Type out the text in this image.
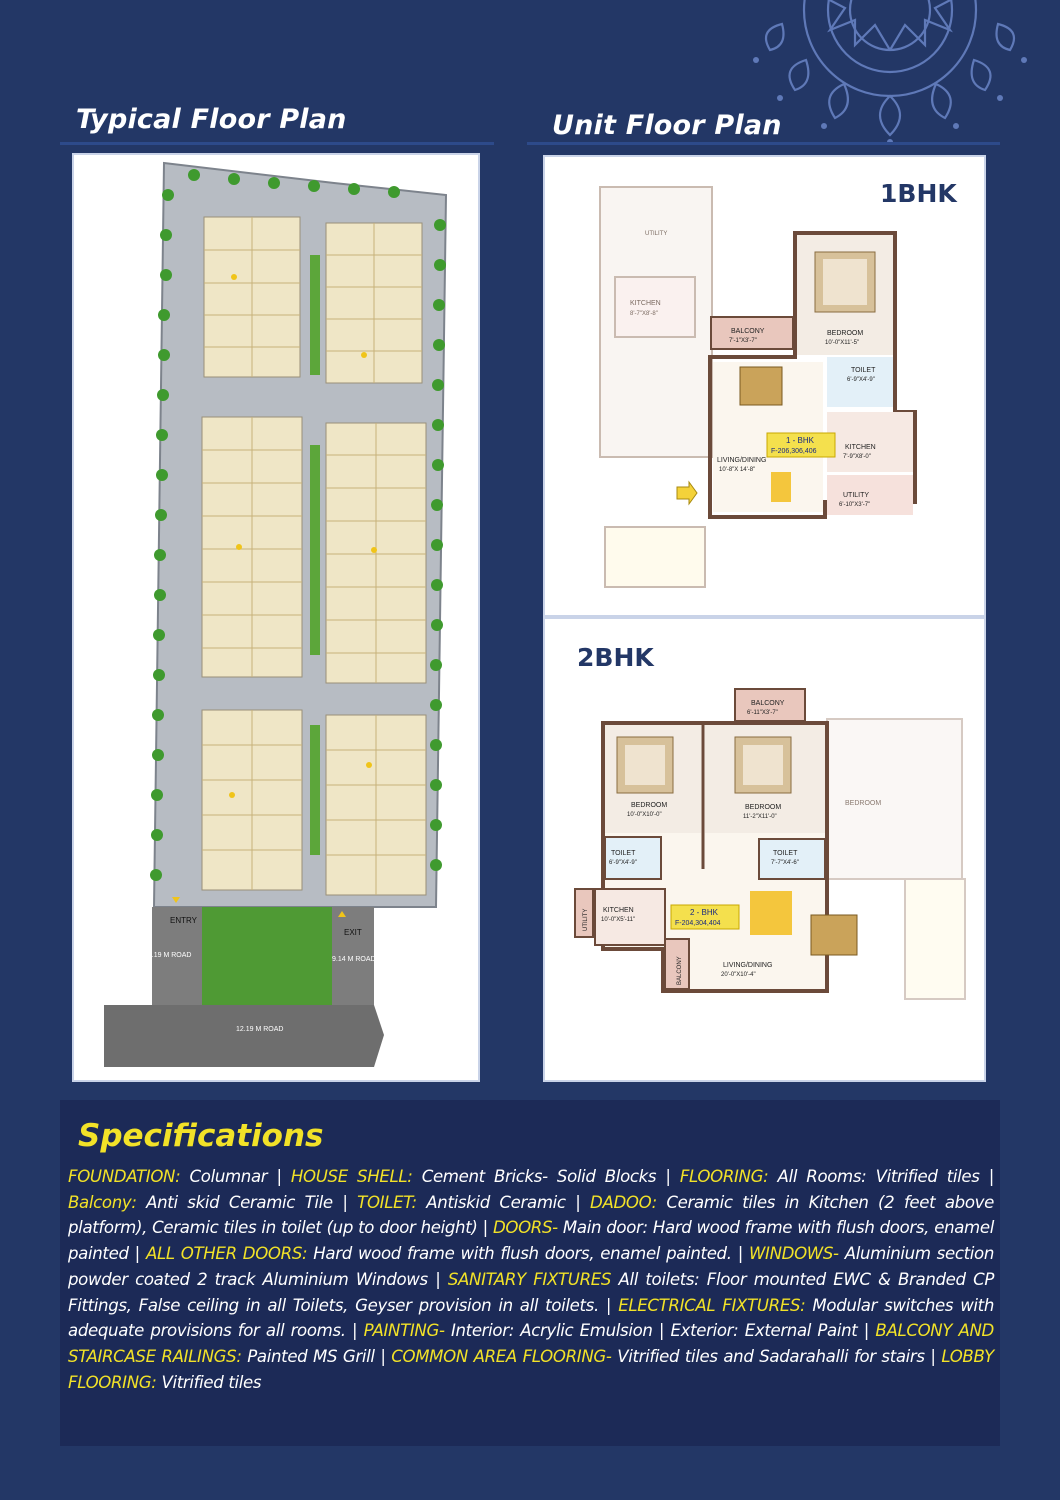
Typical Floor Plan	Unit Floor Plan
ENTRY
EXIT
12.19 M ROAD
9.14 M ROAD
12.19 M ROAD
1BHK
KITCHEN
8'-7"X8'-8"
UTILITY
1 - BHK
F-206,306,406
BALCONY
7'-1"X3'-7"
BEDROOM
10'-0"X11'-5"
TOILET
6'-9"X4'-9"
KITCHEN
7'-9"X8'-0"
LIVING/DINING
10'-8"X 14'-8"
UTILITY
6'-10"X3'-7"
2BHK
BEDROOM
BALCONY
6'-11"X3'-7"
2 - BHK
F-204,304,404
BEDROOM
10'-0"X10'-0"
BEDROOM
11'-2"X11'-0"
TOILET
6'-9"X4'-9"
TOILET
7'-7"X4'-6"
KITCHEN
10'-0"X5'-11"
UTILITY
BALCONY	LIVING/DINING
20'-0"X10'-4"
Specifications

FOUNDATION: Columnar | HOUSE SHELL: Cement Bricks- Solid Blocks | FLOORING: All Rooms: Vitrified tiles | Balcony: Anti skid Ceramic Tile | TOILET: Antiskid Ceramic | DADOO: Ceramic tiles in Kitchen (2 feet above platform), Ceramic tiles in toilet (up to door height) | DOORS- Main door: Hard wood frame with flush doors, enamel painted | ALL OTHER DOORS: Hard wood frame with flush doors, enamel painted. | WINDOWS- Aluminium section powder coated 2 track Aluminium Windows | SANITARY FIXTURES All toilets: Floor mounted EWC & Branded CP Fittings, False ceiling in all Toilets, Geyser provision in all toilets. | ELECTRICAL FIXTURES: Modular switches with adequate provisions for all rooms. | PAINTING- Interior: Acrylic Emulsion | Exterior: External Paint | BALCONY AND STAIRCASE RAILINGS: Painted MS Grill | COMMON AREA FLOORING- Vitrified tiles and Sadarahalli for stairs | LOBBY FLOORING: Vitrified tiles
